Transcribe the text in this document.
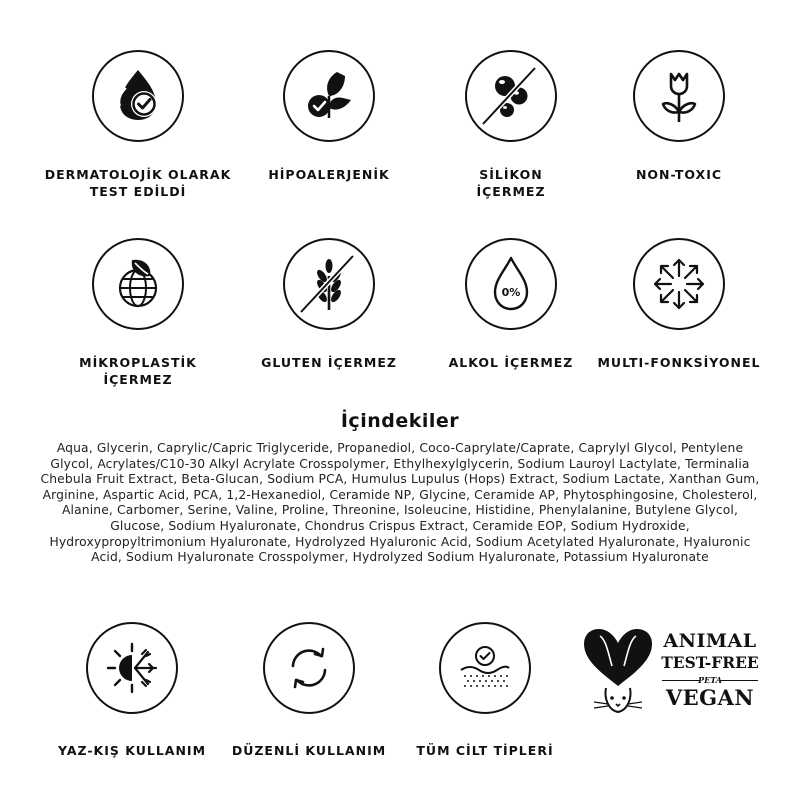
DERMATOLOJİK OLARAK
TEST EDİLDİ
HİPOALERJENİK	SİLİKON
İÇERMEZ
NON-TOXIC
MİKROPLASTİK
İÇERMEZ
GLUTEN İÇERMEZ
0%
ALKOL İÇERMEZ	MULTI-FONKSİYONEL
İçindekiler
Aqua, Glycerin, Caprylic/Capric Triglyceride, Propanediol, Coco-Caprylate/Caprate, Caprylyl Glycol, Pentylene Glycol, Acrylates/C10-30 Alkyl Acrylate Crosspolymer, Ethylhexylglycerin, Sodium Lauroyl Lactylate, Terminalia Chebula Fruit Extract, Beta-Glucan, Sodium PCA, Humulus Lupulus (Hops) Extract, Sodium Lactate, Xanthan Gum, Arginine, Aspartic Acid, PCA, 1,2-Hexanediol, Ceramide NP, Glycine, Ceramide AP, Phytosphingosine, Cholesterol, Alanine, Carbomer, Serine, Valine, Proline, Threonine, Isoleucine, Histidine, Phenylalanine, Butylene Glycol, Glucose, Sodium Hyaluronate, Chondrus Crispus Extract, Ceramide EOP, Sodium Hydroxide, Hydroxypropyltrimonium Hyaluronate, Hydrolyzed Hyaluronic Acid, Sodium Acetylated Hyaluronate, Hyaluronic Acid, Sodium Hyaluronate Crosspolymer, Hydrolyzed Sodium Hyaluronate, Potassium Hyaluronate
YAZ-KIŞ KULLANIM	DÜZENLİ KULLANIM	TÜM CİLT TİPLERİ
ANIMAL
TEST-FREE
PETA
VEGAN
